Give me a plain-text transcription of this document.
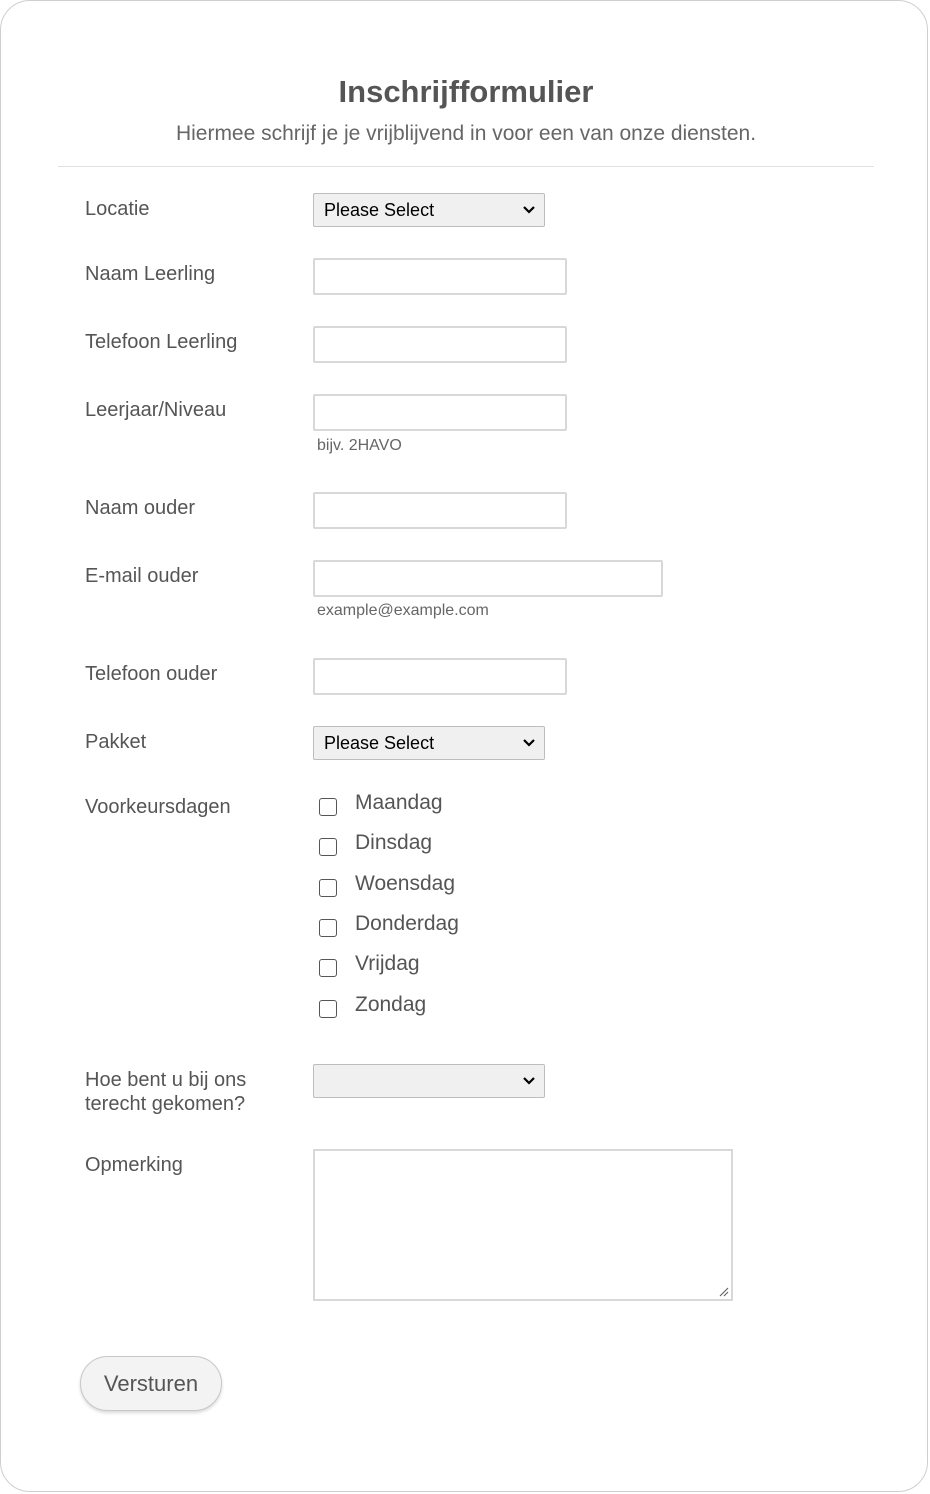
Inschrijfformulier
Hiermee schrijf je je vrijblijvend in voor een van onze diensten.
Locatie	Please Select
Naam Leerling
Telefoon Leerling
Leerjaar/Niveau
bijv. 2HAVO
Naam ouder
E-mail ouder
example@example.com
Telefoon ouder
Pakket	Please Select
Voorkeursdagen	Maandag
Dinsdag
Woensdag
Donderdag
Vrijdag
Zondag
Hoe bent u bij ons
terecht gekomen?
Opmerking
Versturen
